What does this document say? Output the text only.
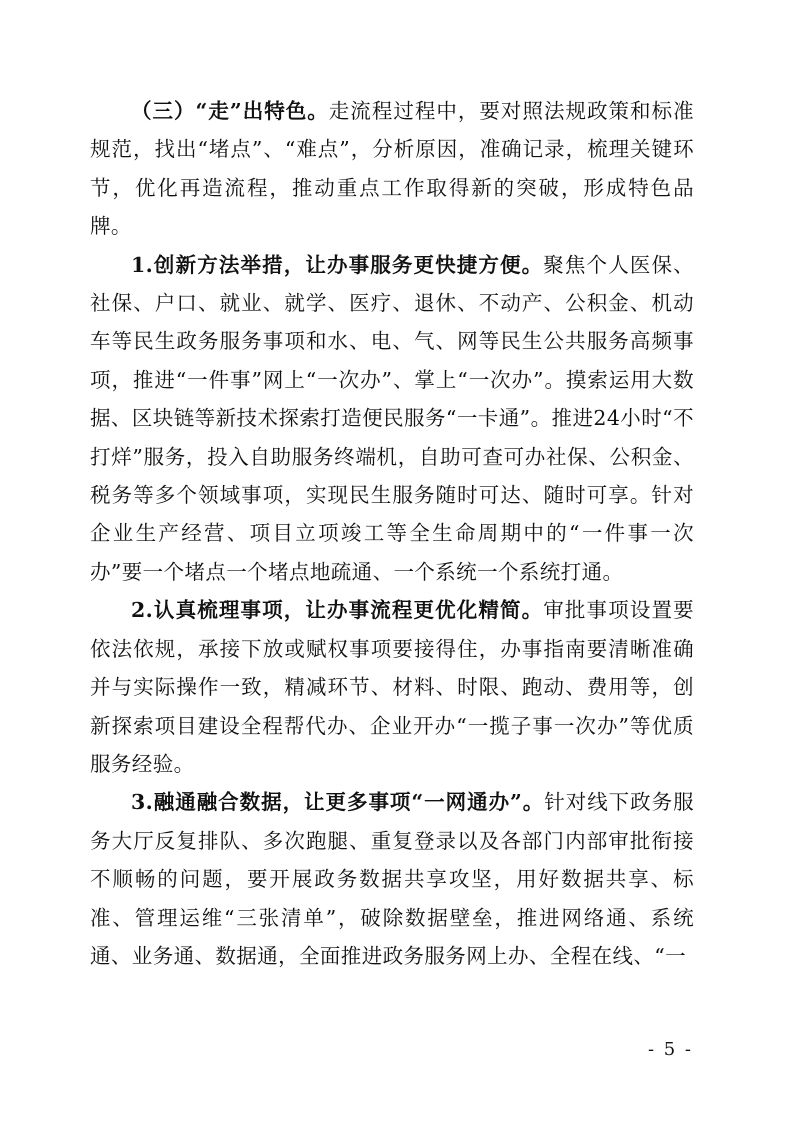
（三）“走”出特色。走流程过程中，要对照法规政策和标准规范，找出“堵点”、“难点”，分析原因，准确记录，梳理关键环节，优化再造流程，推动重点工作取得新的突破，形成特色品牌。

1.创新方法举措，让办事服务更快捷方便。聚焦个人医保、社保、户口、就业、就学、医疗、退休、不动产、公积金、机动车等民生政务服务事项和水、电、气、网等民生公共服务高频事项，推进“一件事”网上“一次办”、掌上“一次办”。摸索运用大数据、区块链等新技术探索打造便民服务“一卡通”。推进24小时“不打烊”服务，投入自助服务终端机，自助可查可办社保、公积金、税务等多个领域事项，实现民生服务随时可达、随时可享。针对企业生产经营、项目立项竣工等全生命周期中的“一件事一次办”要一个堵点一个堵点地疏通、一个系统一个系统打通。

2.认真梳理事项，让办事流程更优化精简。审批事项设置要依法依规，承接下放或赋权事项要接得住，办事指南要清晰准确并与实际操作一致，精减环节、材料、时限、跑动、费用等，创新探索项目建设全程帮代办、企业开办“一揽子事一次办”等优质服务经验。

3.融通融合数据，让更多事项“一网通办”。针对线下政务服务大厅反复排队、多次跑腿、重复登录以及各部门内部审批衔接不顺畅的问题，要开展政务数据共享攻坚，用好数据共享、标准、管理运维“三张清单”，破除数据壁垒，推进网络通、系统通、业务通、数据通，全面推进政务服务网上办、全程在线、“一

- 5 -
